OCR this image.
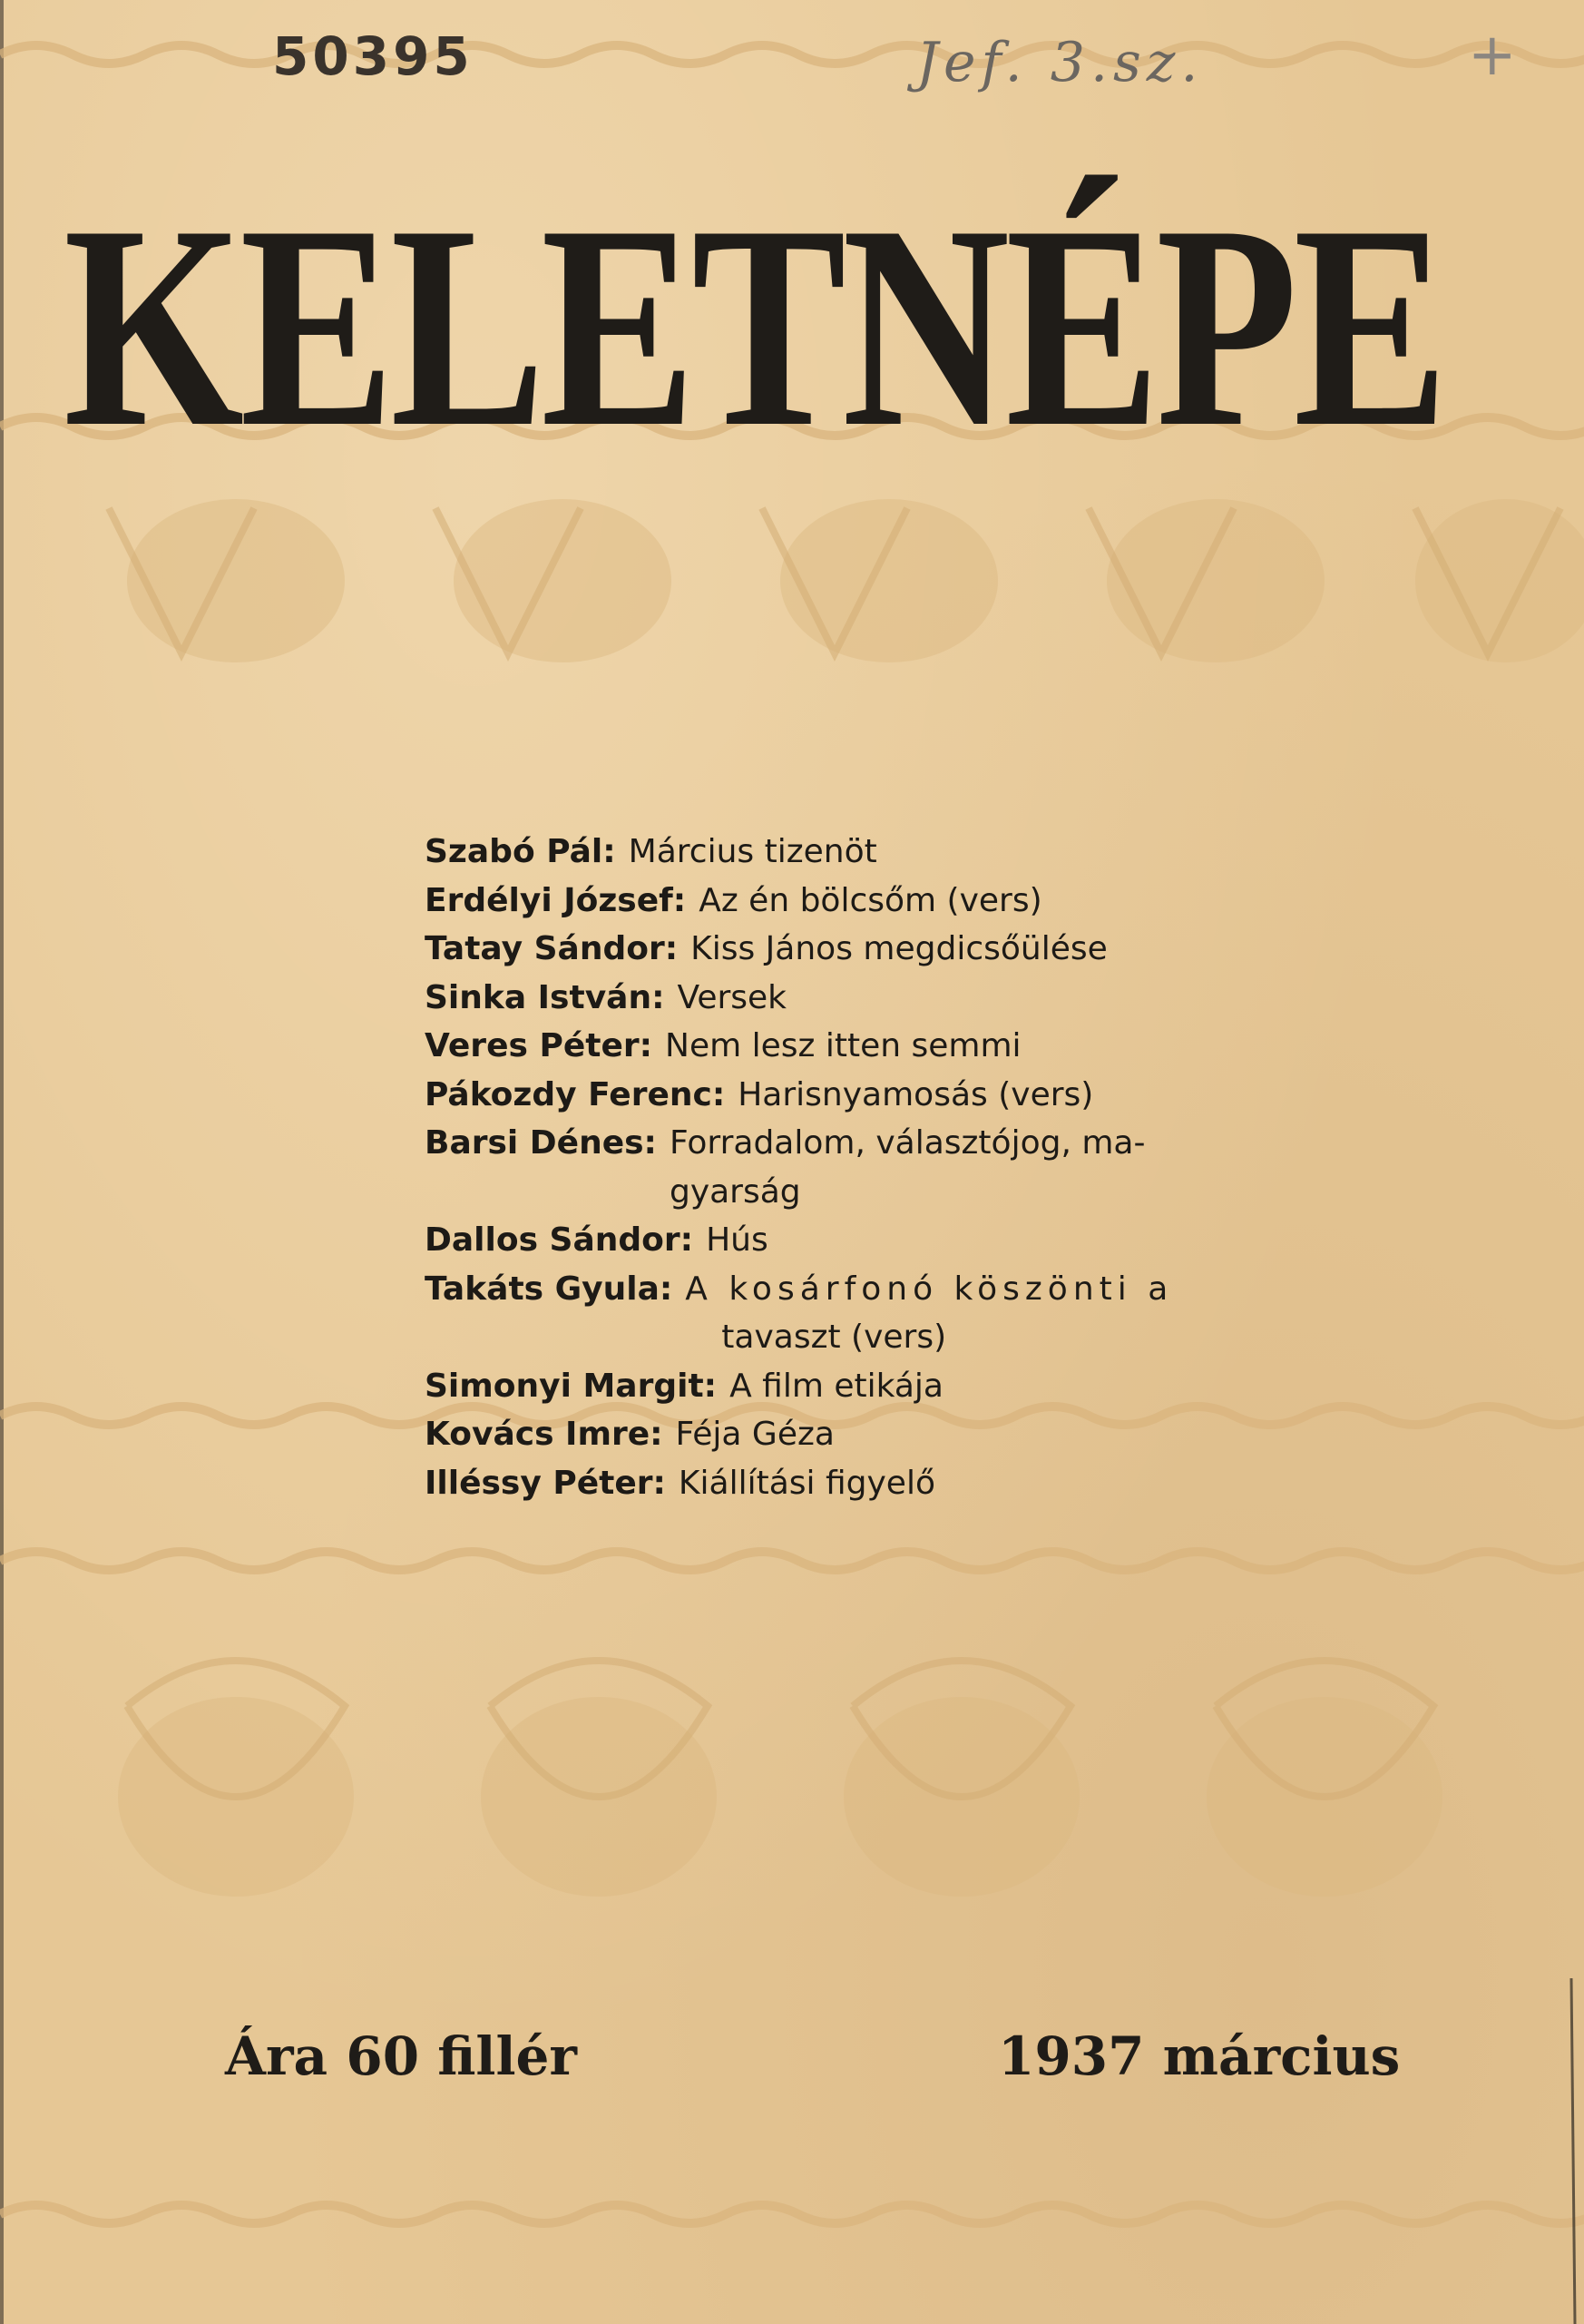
50395	Jef. 3.sz.	+
KELETNÉPE
Szabó Pál: Március tizenöt
Erdélyi József: Az én bölcsőm (vers)
Tatay Sándor: Kiss János megdicsőülése
Sinka István: Versek
Veres Péter: Nem lesz itten semmi
Pákozdy Ferenc: Harisnyamosás (vers)
Barsi Dénes: Forradalom, választójog, ma-
gyarság
Dallos Sándor: Hús
Takáts Gyula: A kosárfonó köszönti a
tavaszt (vers)
Simonyi Margit: A film etikája
Kovács Imre: Féja Géza
Illéssy Péter: Kiállítási figyelő
Ára 60 fillér	1937 március
